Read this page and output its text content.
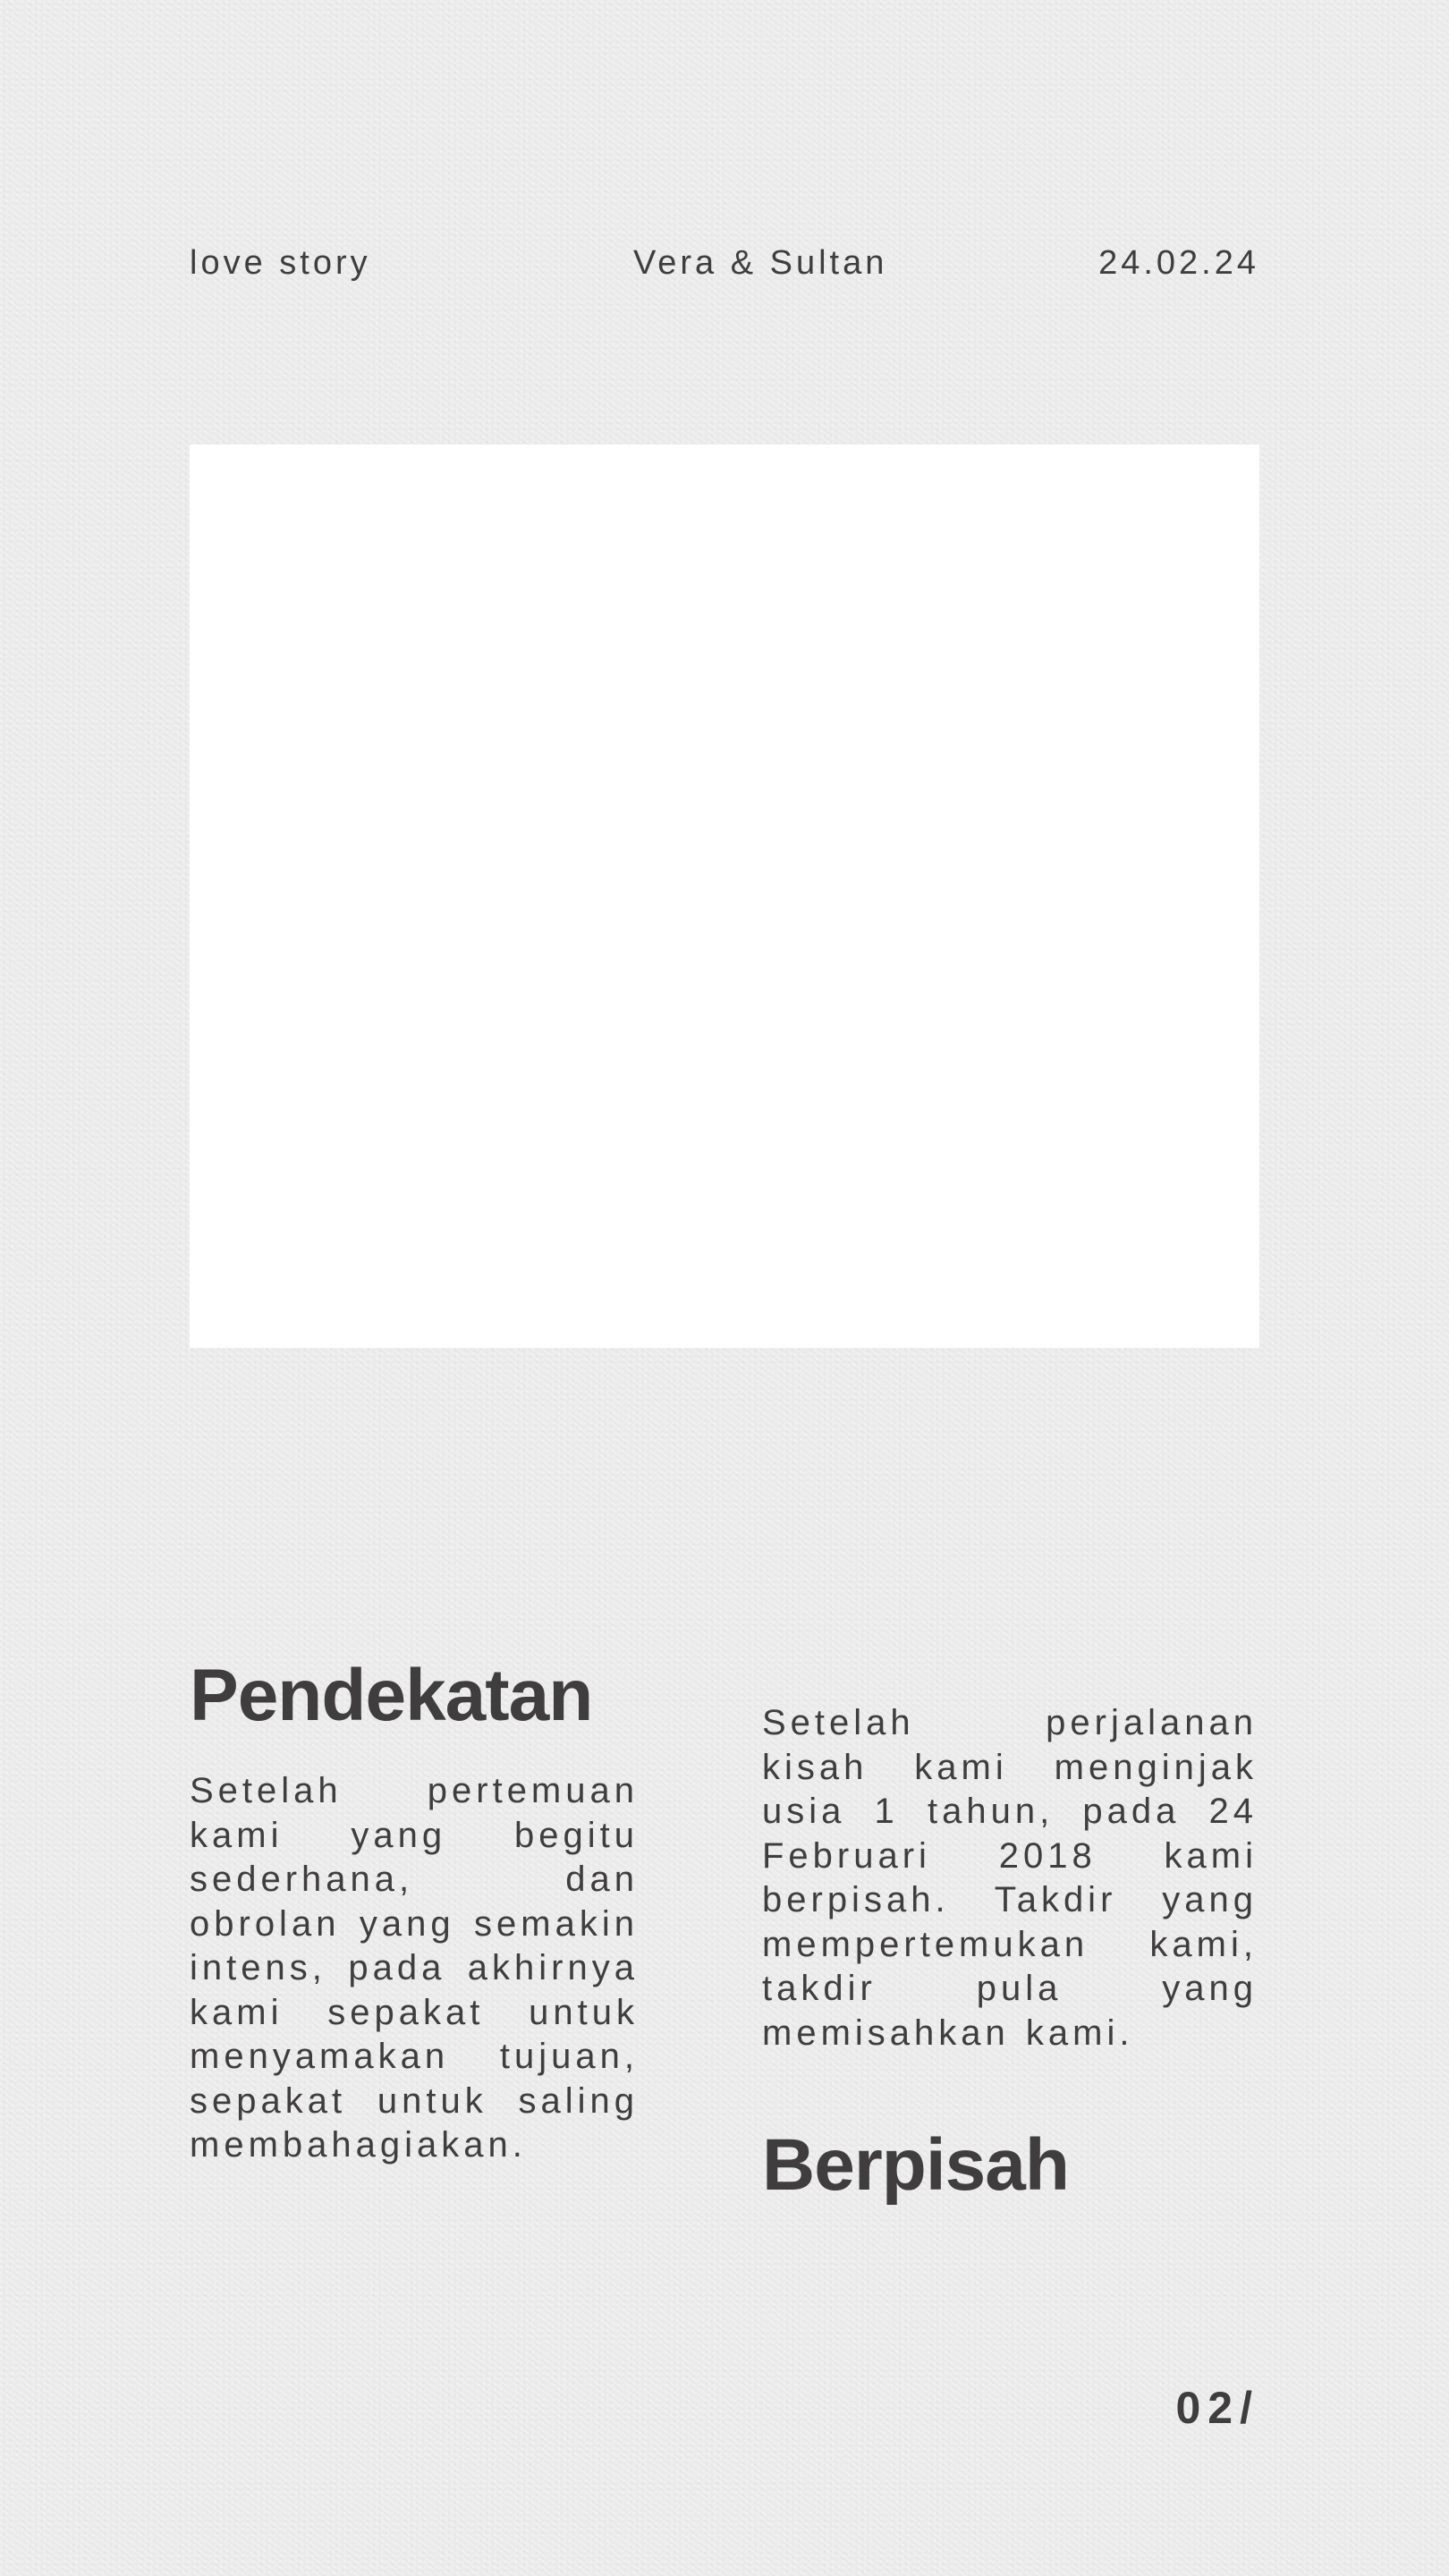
love story	Vera & Sultan	24.02.24
Pendekatan

Setelah pertemuan kami yang begitu sederhana, dan obrolan yang semakin intens, pada akhirnya kami sepakat untuk menyamakan tujuan, sepakat untuk saling membahagiakan.

Setelah perjalanan kisah kami menginjak usia 1 tahun, pada 24 Februari 2018 kami berpisah. Takdir yang mempertemukan kami, takdir pula yang memisahkan kami.

Berpisah
02/
